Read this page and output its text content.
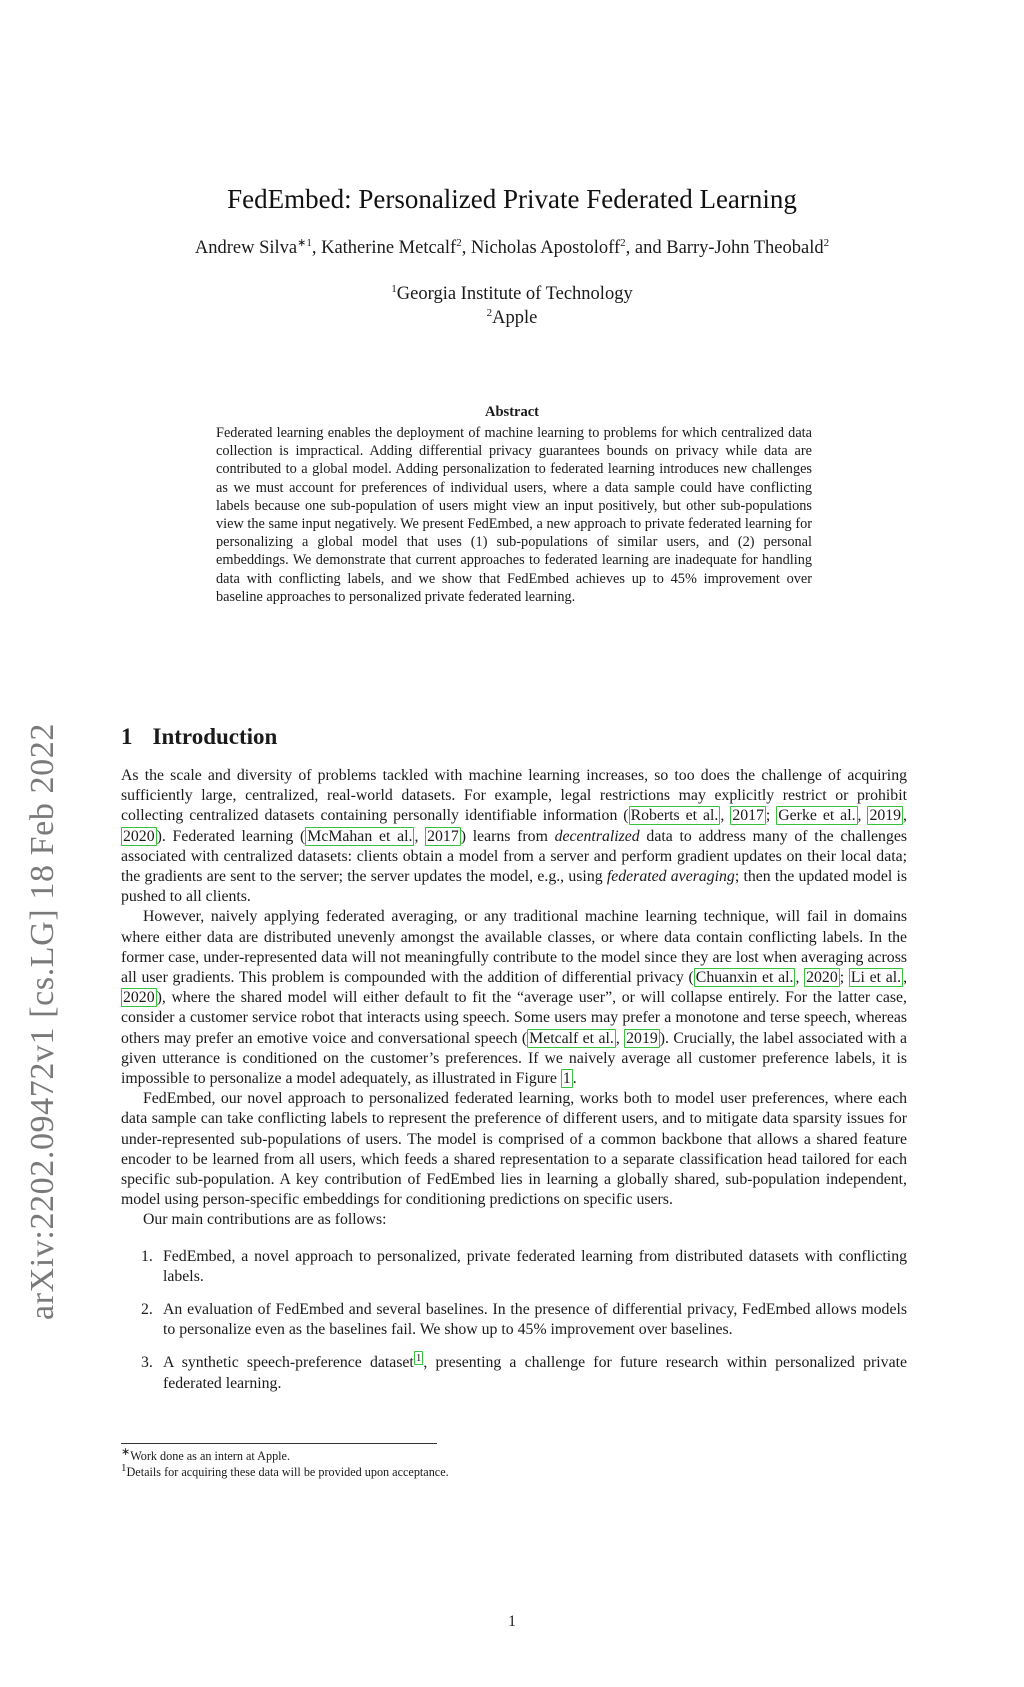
arXiv:2202.09472v1 [cs.LG] 18 Feb 2022
FedEmbed: Personalized Private Federated Learning
Andrew Silva$^{∗1}$, Katherine Metcalf$^2$, Nicholas Apostoloff$^2$, and Barry-John Theobald$^2$
$^1$Georgia Institute of Technology
$^2$Apple
Abstract
Federated learning enables the deployment of machine learning to problems for which centralized data collection is impractical. Adding differential privacy guarantees bounds on privacy while data are contributed to a global model. Adding personalization to federated learning introduces new challenges as we must account for preferences of individual users, where a data sample could have conflicting labels because one sub-population of users might view an input positively, but other sub-populations view the same input negatively. We present FedEmbed, a new approach to private federated learning for personalizing a global model that uses (1) sub-populations of similar users, and (2) personal embeddings. We demonstrate that current approaches to federated learning are inadequate for handling data with conflicting labels, and we show that FedEmbed achieves up to 45% improvement over baseline approaches to personalized private federated learning.
1 Introduction

As the scale and diversity of problems tackled with machine learning increases, so too does the challenge of acquiring sufficiently large, centralized, real-world datasets. For example, legal restrictions may explicitly restrict or prohibit collecting centralized datasets containing personally identifiable information ( Roberts et al. , 2017 ; Gerke et al. , 2019 , 2020 ). Federated learning ( McMahan et al. , 2017 ) learns from decentralized data to address many of the challenges associated with centralized datasets: clients obtain a model from a server and perform gradient updates on their local data; the gradients are sent to the server; the server updates the model, e.g., using federated averaging; then the updated model is pushed to all clients.

However, naively applying federated averaging, or any traditional machine learning technique, will fail in domains where either data are distributed unevenly amongst the available classes, or where data contain conflicting labels. In the former case, under-represented data will not meaningfully contribute to the model since they are lost when averaging across all user gradients. This problem is compounded with the addition of differential privacy ( Chuanxin et al. , 2020 ; Li et al. , 2020 ), where the shared model will either default to fit the “average user”, or will collapse entirely. For the latter case, consider a customer service robot that interacts using speech. Some users may prefer a monotone and terse speech, whereas others may prefer an emotive voice and conversational speech ( Metcalf et al. , 2019 ). Crucially, the label associated with a given utterance is conditioned on the customer’s preferences. If we naively average all customer preference labels, it is impossible to personalize a model adequately, as illustrated in Figure 1 .

FedEmbed, our novel approach to personalized federated learning, works both to model user preferences, where each data sample can take conflicting labels to represent the preference of different users, and to mitigate data sparsity issues for under-represented sub-populations of users. The model is comprised of a common backbone that allows a shared feature encoder to be learned from all users, which feeds a shared representation to a separate classification head tailored for each specific sub-population. A key contribution of FedEmbed lies in learning a globally shared, sub-population independent, model using person-specific embeddings for conditioning predictions on specific users.

Our main contributions are as follows:

1. FedEmbed, a novel approach to personalized, private federated learning from distributed datasets with conflicting labels.
2. An evaluation of FedEmbed and several baselines. In the presence of differential privacy, FedEmbed allows models to personalize even as the baselines fail. We show up to 45% improvement over baselines.
3. A synthetic speech-preference dataset $^1$ , presenting a challenge for future research within personalized private federated learning.
∗Work done as an intern at Apple.
$^1$Details for acquiring these data will be provided upon acceptance.
1
